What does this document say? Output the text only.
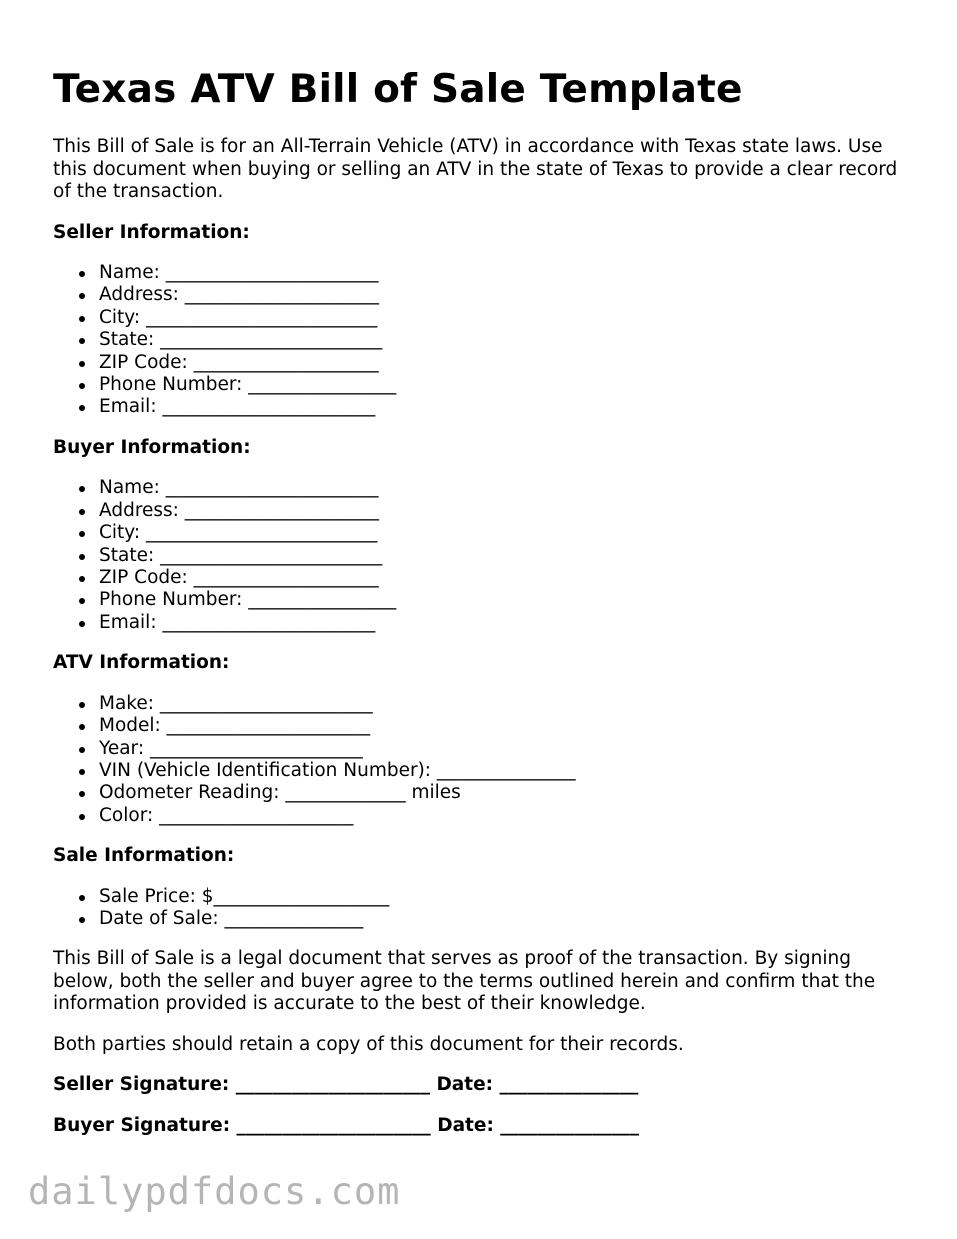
Texas ATV Bill of Sale Template

This Bill of Sale is for an All-Terrain Vehicle (ATV) in accordance with Texas state laws. Use this document when buying or selling an ATV in the state of Texas to provide a clear record of the transaction.

Seller Information:
Name: _______________________
Address: _____________________
City: _________________________
State: ________________________
ZIP Code: ____________________
Phone Number: ________________
Email: _______________________
Buyer Information:
Name: _______________________
Address: _____________________
City: _________________________
State: ________________________
ZIP Code: ____________________
Phone Number: ________________
Email: _______________________
ATV Information:
Make: _______________________
Model: ______________________
Year: _______________________
VIN (Vehicle Identification Number): _______________
Odometer Reading: _____________ miles
Color: _____________________
Sale Information:
Sale Price: $___________________
Date of Sale: _______________

This Bill of Sale is a legal document that serves as proof of the transaction. By signing below, both the seller and buyer agree to the terms outlined herein and confirm that the information provided is accurate to the best of their knowledge.

Both parties should retain a copy of this document for their records.

Seller Signature: _____________________ Date: _______________
Buyer Signature: _____________________ Date: _______________
dailypdfdocs.com
